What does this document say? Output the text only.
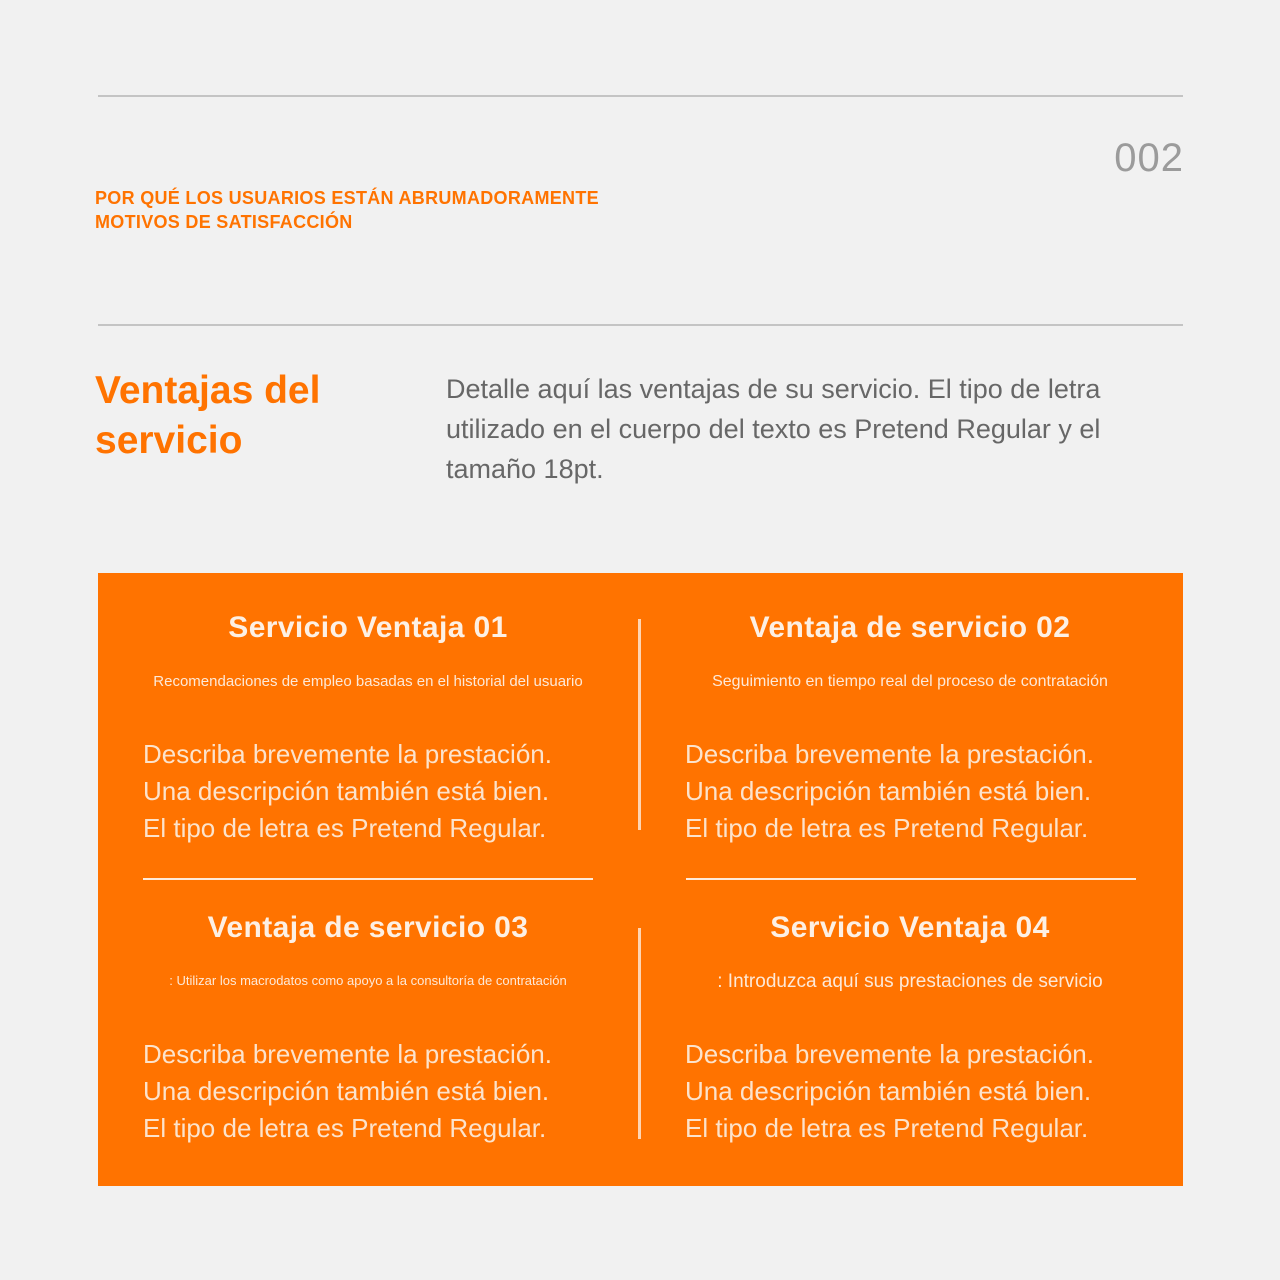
002
POR QUÉ LOS USUARIOS ESTÁN ABRUMADORAMENTE
MOTIVOS DE SATISFACCIÓN
Ventajas del
servicio
Detalle aquí las ventajas de su servicio. El tipo de letra
utilizado en el cuerpo del texto es Pretend Regular y el
tamaño 18pt.
Servicio Ventaja 01
Recomendaciones de empleo basadas en el historial del usuario
Describa brevemente la prestación.
Una descripción también está bien.
El tipo de letra es Pretend Regular.
Ventaja de servicio 02
Seguimiento en tiempo real del proceso de contratación
Describa brevemente la prestación.
Una descripción también está bien.
El tipo de letra es Pretend Regular.
Ventaja de servicio 03
: Utilizar los macrodatos como apoyo a la consultoría de contratación
Describa brevemente la prestación.
Una descripción también está bien.
El tipo de letra es Pretend Regular.
Servicio Ventaja 04
: Introduzca aquí sus prestaciones de servicio
Describa brevemente la prestación.
Una descripción también está bien.
El tipo de letra es Pretend Regular.
